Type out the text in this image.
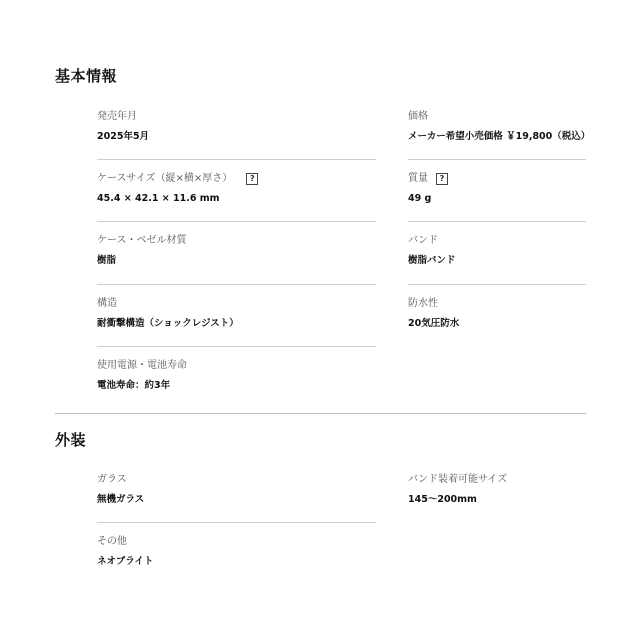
基本情報
発売年月
2025年5月
価格
メーカー希望小売価格 ￥19,800（税込）
ケースサイズ（縦×横×厚さ）	?
45.4 × 42.1 × 11.6 mm
質量	?
49 g
ケース・ベゼル材質
樹脂
バンド
樹脂バンド
構造
耐衝撃構造（ショックレジスト）
防水性
20気圧防水
使用電源・電池寿命
電池寿命：約3年
外装
ガラス
無機ガラス
バンド装着可能サイズ
145～200mm
その他
ネオブライト
